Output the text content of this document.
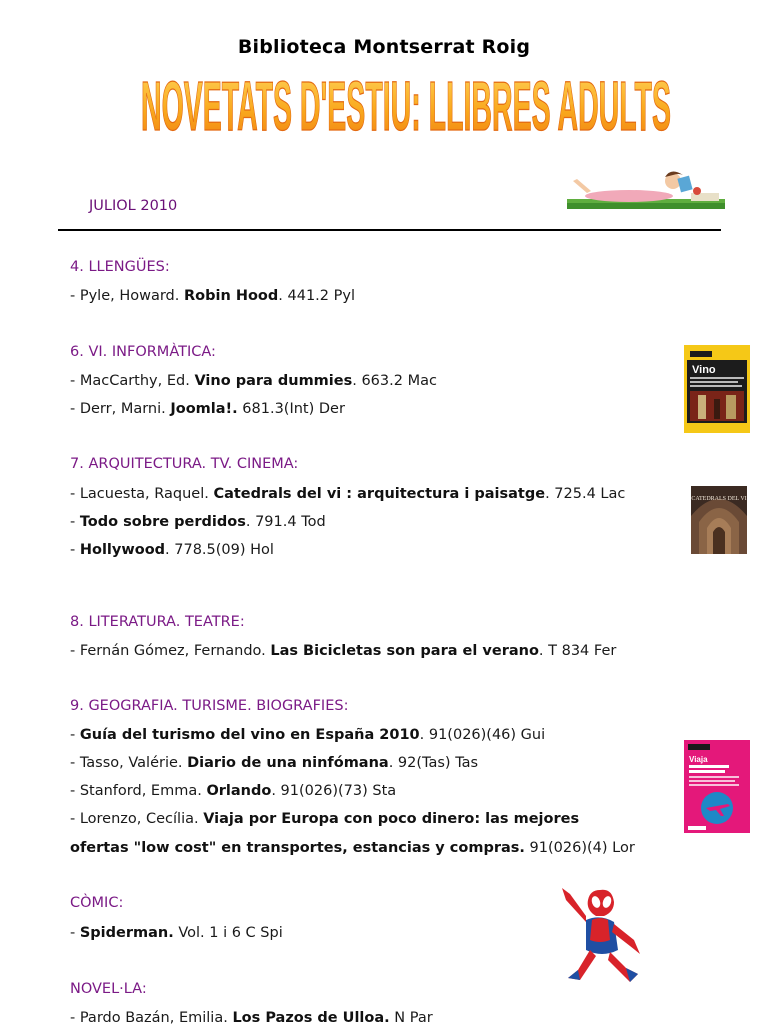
Biblioteca Montserrat Roig
NOVETATS D'ESTIU: LLIBRES ADULTS
JULIOL 2010
4. LLENGÜES:
- Pyle, Howard. Robin Hood. 441.2 Pyl
6. VI. INFORMÀTICA:
- MacCarthy, Ed. Vino para dummies. 663.2 Mac
- Derr, Marni. Joomla!. 681.3(Int) Der
7. ARQUITECTURA. TV. CINEMA:
- Lacuesta, Raquel. Catedrals del vi : arquitectura i paisatge. 725.4 Lac
- Todo sobre perdidos. 791.4 Tod
- Hollywood. 778.5(09) Hol
8. LITERATURA. TEATRE:
- Fernán Gómez, Fernando. Las Bicicletas son para el verano. T 834 Fer
9. GEOGRAFIA. TURISME. BIOGRAFIES:
- Guía del turismo del vino en España 2010. 91(026)(46) Gui
- Tasso, Valérie. Diario de una ninfómana. 92(Tas) Tas
- Stanford, Emma. Orlando. 91(026)(73) Sta
- Lorenzo, Cecília. Viaja por Europa con poco dinero: las mejores
ofertas "low cost" en transportes, estancias y compras. 91(026)(4) Lor
CÒMIC:
- Spiderman. Vol. 1 i 6 C Spi
NOVEL·LA:
- Pardo Bazán, Emilia. Los Pazos de Ulloa. N Par
Vino
CATEDRALS DEL VI
Viaja
